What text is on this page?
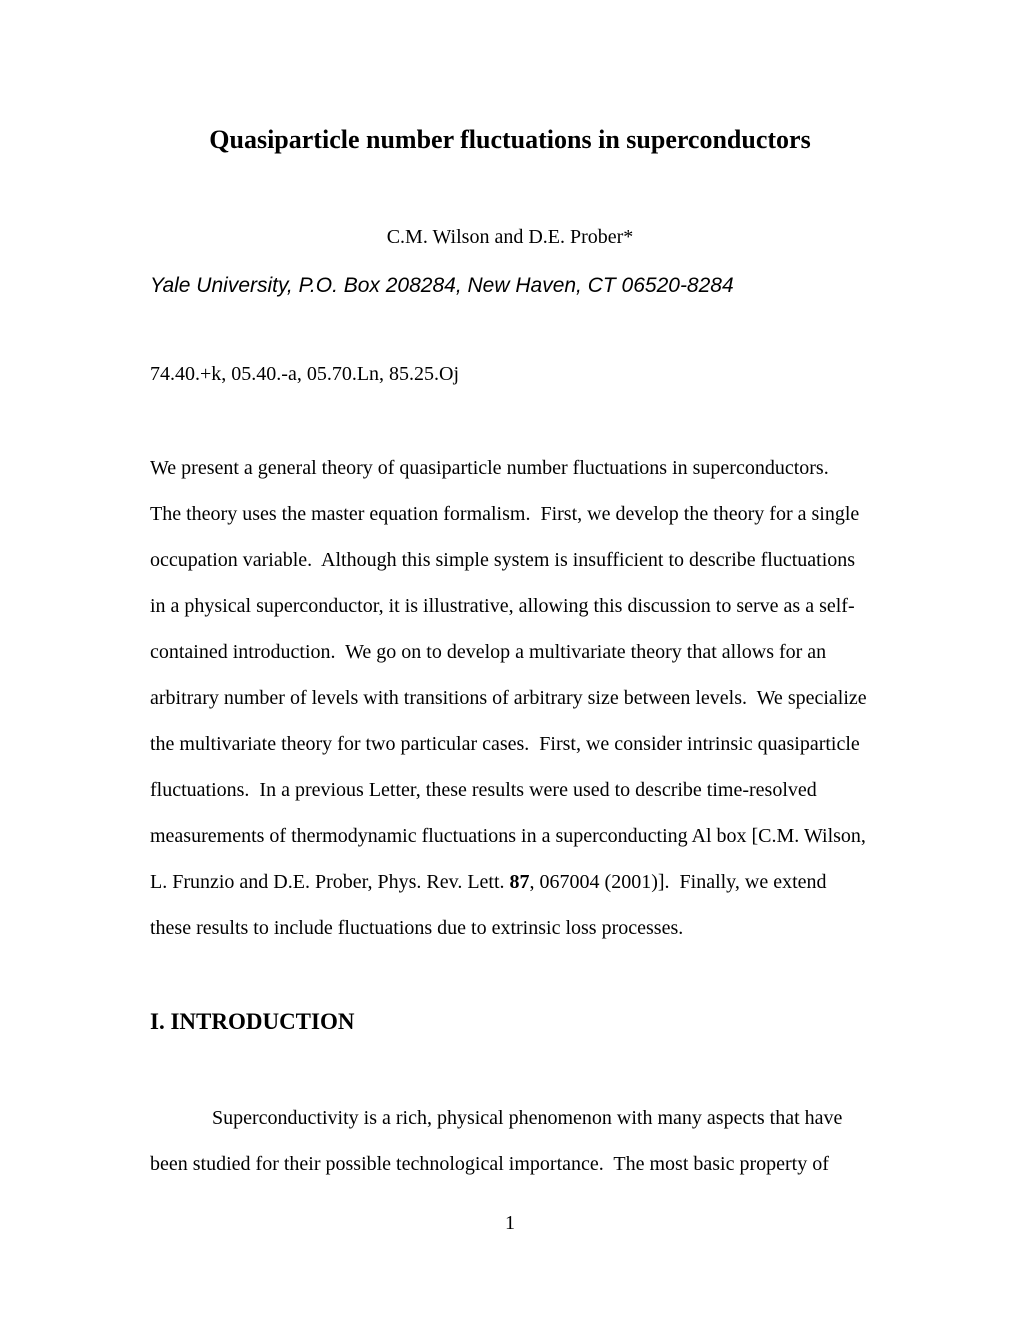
Quasiparticle number fluctuations in superconductors
C.M. Wilson and D.E. Prober*
Yale University, P.O. Box 208284, New Haven, CT 06520-8284
74.40.+k, 05.40.-a, 05.70.Ln, 85.25.Oj
We present a general theory of quasiparticle number fluctuations in superconductors.
The theory uses the master equation formalism.  First, we develop the theory for a single
occupation variable.  Although this simple system is insufficient to describe fluctuations
in a physical superconductor, it is illustrative, allowing this discussion to serve as a self-
contained introduction.  We go on to develop a multivariate theory that allows for an
arbitrary number of levels with transitions of arbitrary size between levels.  We specialize
the multivariate theory for two particular cases.  First, we consider intrinsic quasiparticle
fluctuations.  In a previous Letter, these results were used to describe time-resolved
measurements of thermodynamic fluctuations in a superconducting Al box [C.M. Wilson,
L. Frunzio and D.E. Prober, Phys. Rev. Lett. 87, 067004 (2001)].  Finally, we extend
these results to include fluctuations due to extrinsic loss processes.
I. INTRODUCTION
Superconductivity is a rich, physical phenomenon with many aspects that have
been studied for their possible technological importance.  The most basic property of
1
